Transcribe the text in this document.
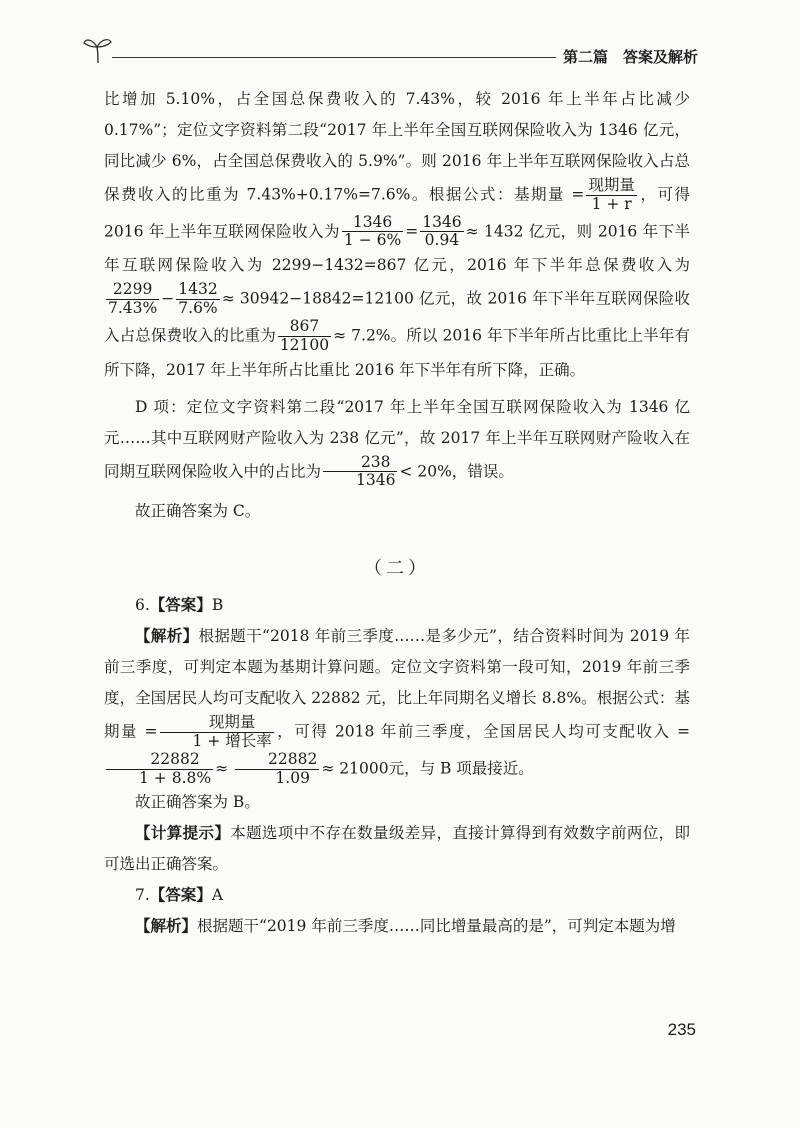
第二篇　答案及解析

比增加 5.10%，占全国总保费收入的 7.43%，较 2016 年上半年占比减少 0.17%”；定位文字资料第二段“2017 年上半年全国互联网保险收入为 1346 亿元，同比减少 6%，占全国总保费收入的 5.9%”。则 2016 年上半年互联网保险收入占总保费收入的比重为 7.43%+0.17%=7.6%。根据公式：基期量 = $\frac{\text{现期量}}{1 + r}$ ，可得 2016 年上半年互联网保险收入为 $\frac{1346}{1 - 6\%} = \frac{1346}{0.94} \approx 1432$ 亿元，则 2016 年下半年互联网保险收入为 2299−1432=867 亿元，2016 年下半年总保费收入为
$\frac{2299}{7.43\%} - \frac{1432}{7.6\%} \approx 30942-18842=12100$ 亿元，故 2016 年下半年互联网保险收入占总保费收入的比重为 $\frac{867}{12100} \approx 7.2\%$。所以 2016 年下半年所占比重比上半年有所下降，2017 年上半年所占比重比 2016 年下半年有所下降，正确。

D 项：定位文字资料第二段“2017 年上半年全国互联网保险收入为 1346 亿元……其中互联网财产险收入为 238 亿元”，故 2017 年上半年互联网财产险收入在同期互联网保险收入中的占比为 $\frac{238}{1346} < 20\%$，错误。

故正确答案为 C。

（二）

6.【答案】B

【解析】根据题干“2018 年前三季度……是多少元”，结合资料时间为 2019 年前三季度，可判定本题为基期计算问题。定位文字资料第一段可知，2019 年前三季度，全国居民人均可支配收入 22882 元，比上年同期名义增长 8.8%。根据公式：基期量 = $\frac{\text{现期量}}{\text{1 + 增长率}}$ ，可得 2018 年前三季度，全国居民人均可支配收入 =
$\frac{22882}{1 + 8.8\%} \approx \frac{22882}{1.09} \approx 21000$元，与 B 项最接近。

故正确答案为 B。

【计算提示】本题选项中不存在数量级差异，直接计算得到有效数字前两位，即可选出正确答案。

7.【答案】A

【解析】根据题干“2019 年前三季度……同比增量最高的是”，可判定本题为增

235
